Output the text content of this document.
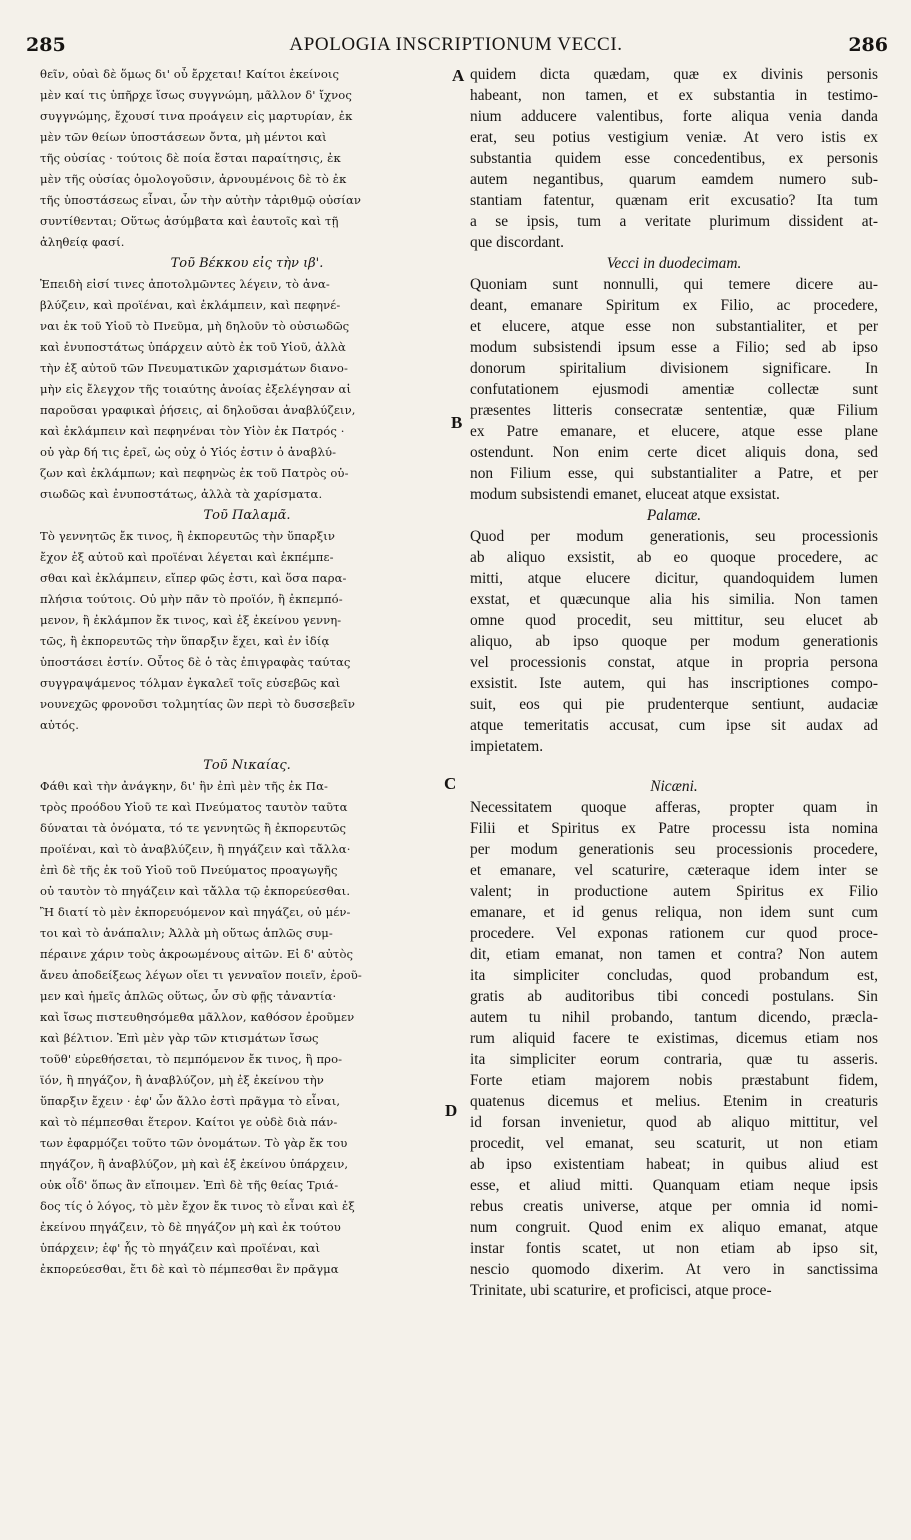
285	APOLOGIA INSCRIPTIONUM VECCI.	286
A
B
C
D
θεῖν, οὐαὶ δὲ ὅμως δι' οὗ ἔρχεται! Καίτοι ἐκείνοις
μὲν καί τις ὑπῆρχε ἴσως συγγνώμη, μᾶλλον δ' ἴχνος
συγγνώμης, ἔχουσί τινα προάγειν εἰς μαρτυρίαν, ἐκ
μὲν τῶν θείων ὑποστάσεων ὄντα, μὴ μέντοι καὶ
τῆς οὐσίας · τούτοις δὲ ποία ἔσται παραίτησις, ἐκ
μὲν τῆς οὐσίας ὁμολογοῦσιν, ἀρνουμένοις δὲ τὸ ἐκ
τῆς ὑποστάσεως εἶναι, ὧν τὴν αὐτὴν τἀριθμῷ οὐσίαν
συντίθενται; Οὕτως ἀσύμβατα καὶ ἑαυτοῖς καὶ τῇ
ἀληθείᾳ φασί.
Τοῦ Βέκκου εἰς τὴν ιβ'.
Ἐπειδὴ εἰσί τινες ἀποτολμῶντες λέγειν, τὸ ἀνα-
βλύζειν, καὶ προϊέναι, καὶ ἐκλάμπειν, καὶ πεφηνέ-
ναι ἐκ τοῦ Υἱοῦ τὸ Πνεῦμα, μὴ δηλοῦν τὸ οὐσιωδῶς
καὶ ἐνυποστάτως ὑπάρχειν αὐτὸ ἐκ τοῦ Υἱοῦ, ἀλλὰ
τὴν ἐξ αὐτοῦ τῶν Πνευματικῶν χαρισμάτων διανο-
μὴν εἰς ἔλεγχον τῆς τοιαύτης ἀνοίας ἐξελέγησαν αἱ
παροῦσαι γραφικαὶ ῥήσεις, αἱ δηλοῦσαι ἀναβλύζειν,
καὶ ἐκλάμπειν καὶ πεφηνέναι τὸν Υἱὸν ἐκ Πατρός ·
οὐ γὰρ δή τις ἐρεῖ, ὡς οὐχ ὁ Υἱός ἐστιν ὁ ἀναβλύ-
ζων καὶ ἐκλάμπων; καὶ πεφηνὼς ἐκ τοῦ Πατρὸς οὐ-
σιωδῶς καὶ ἐνυποστάτως, ἀλλὰ τὰ χαρίσματα.
Τοῦ Παλαμᾶ.
Τὸ γεννητῶς ἔκ τινος, ἢ ἐκπορευτῶς τὴν ὕπαρξιν
ἔχον ἐξ αὐτοῦ καὶ προϊέναι λέγεται καὶ ἐκπέμπε-
σθαι καὶ ἐκλάμπειν, εἴπερ φῶς ἐστι, καὶ ὅσα παρα-
πλήσια τούτοις. Οὐ μὴν πᾶν τὸ προϊόν, ἢ ἐκπεμπό-
μενον, ἢ ἐκλάμπον ἔκ τινος, καὶ ἐξ ἐκείνου γεννη-
τῶς, ἢ ἐκπορευτῶς τὴν ὕπαρξιν ἔχει, καὶ ἐν ἰδίᾳ
ὑποστάσει ἐστίν. Οὗτος δὲ ὁ τὰς ἐπιγραφὰς ταύτας
συγγραψάμενος τόλμαν ἐγκαλεῖ τοῖς εὐσεβῶς καὶ
νουνεχῶς φρονοῦσι τολμητίας ὢν περὶ τὸ δυσσεβεῖν
αὐτός.
Τοῦ Νικαίας.
Φάθι καὶ τὴν ἀνάγκην, δι' ἣν ἐπὶ μὲν τῆς ἐκ Πα-
τρὸς προόδου Υἱοῦ τε καὶ Πνεύματος ταυτὸν ταῦτα
δύναται τὰ ὀνόματα, τό τε γεννητῶς ἢ ἐκπορευτῶς
προϊέναι, καὶ τὸ ἀναβλύζειν, ἢ πηγάζειν καὶ τἄλλα·
ἐπὶ δὲ τῆς ἐκ τοῦ Υἱοῦ τοῦ Πνεύματος προαγωγῆς
οὐ ταυτὸν τὸ πηγάζειν καὶ τἄλλα τῷ ἐκπορεύεσθαι.
Ἢ διατί τὸ μὲν ἐκπορευόμενον καὶ πηγάζει, οὐ μέν-
τοι καὶ τὸ ἀνάπαλιν; Ἀλλὰ μὴ οὕτως ἁπλῶς συμ-
πέραινε χάριν τοὺς ἀκροωμένους αἰτῶν. Εἰ δ' αὐτὸς
ἄνευ ἀποδείξεως λέγων οἴει τι γενναῖον ποιεῖν, ἐροῦ-
μεν καὶ ἡμεῖς ἁπλῶς οὕτως, ὧν σὺ φῇς τἀναντία·
καὶ ἴσως πιστευθησόμεθα μᾶλλον, καθόσον ἐροῦμεν
καὶ βέλτιον. Ἐπὶ μὲν γὰρ τῶν κτισμάτων ἴσως
τοῦθ' εὑρεθήσεται, τὸ πεμπόμενον ἔκ τινος, ἢ προ-
ϊόν, ἢ πηγάζον, ἢ ἀναβλύζον, μὴ ἐξ ἐκείνου τὴν
ὕπαρξιν ἔχειν · ἐφ' ὧν ἄλλο ἐστὶ πρᾶγμα τὸ εἶναι,
καὶ τὸ πέμπεσθαι ἕτερον. Καίτοι γε οὐδὲ διὰ πάν-
των ἐφαρμόζει τοῦτο τῶν ὀνομάτων. Τὸ γὰρ ἔκ του
πηγάζον, ἢ ἀναβλύζον, μὴ καὶ ἐξ ἐκείνου ὑπάρχειν,
οὐκ οἶδ' ὅπως ἂν εἴποιμεν. Ἐπὶ δὲ τῆς θείας Τριά-
δος τίς ὁ λόγος, τὸ μὲν ἔχον ἔκ τινος τὸ εἶναι καὶ ἐξ
ἐκείνου πηγάζειν, τὸ δὲ πηγάζον μὴ καὶ ἐκ τούτου
ὑπάρχειν; ἐφ' ἧς τὸ πηγάζειν καὶ προϊέναι, καὶ
ἐκπορεύεσθαι, ἔτι δὲ καὶ τὸ πέμπεσθαι ἓν πρᾶγμα
quidem dicta quædam, quæ ex divinis personis
habeant, non tamen, et ex substantia in testimo-
nium adducere valentibus, forte aliqua venia danda
erat, seu potius vestigium veniæ. At vero istis ex
substantia quidem esse concedentibus, ex personis
autem negantibus, quarum eamdem numero sub-
stantiam fatentur, quænam erit excusatio? Ita tum
a se ipsis, tum a veritate plurimum dissident at-
que discordant.
Vecci in duodecimam.
Quoniam sunt nonnulli, qui temere dicere au-
deant, emanare Spiritum ex Filio, ac procedere,
et elucere, atque esse non substantialiter, et per
modum subsistendi ipsum esse a Filio; sed ab ipso
donorum spiritalium divisionem significare. In
confutationem ejusmodi amentiæ collectæ sunt
præsentes litteris consecratæ sententiæ, quæ Filium
ex Patre emanare, et elucere, atque esse plane
ostendunt. Non enim certe dicet aliquis dona, sed
non Filium esse, qui substantialiter a Patre, et per
modum subsistendi emanet, eluceat atque exsistat.
Palamæ.
Quod per modum generationis, seu processionis
ab aliquo exsistit, ab eo quoque procedere, ac
mitti, atque elucere dicitur, quandoquidem lumen
exstat, et quæcunque alia his similia. Non tamen
omne quod procedit, seu mittitur, seu elucet ab
aliquo, ab ipso quoque per modum generationis
vel processionis constat, atque in propria persona
exsistit. Iste autem, qui has inscriptiones compo-
suit, eos qui pie prudenterque sentiunt, audaciæ
atque temeritatis accusat, cum ipse sit audax ad
impietatem.
Nicæni.
Necessitatem quoque afferas, propter quam in
Filii et Spiritus ex Patre processu ista nomina
per modum generationis seu processionis procedere,
et emanare, vel scaturire, cæteraque idem inter se
valent; in productione autem Spiritus ex Filio
emanare, et id genus reliqua, non idem sunt cum
procedere. Vel exponas rationem cur quod proce-
dit, etiam emanat, non tamen et contra? Non autem
ita simpliciter concludas, quod probandum est,
gratis ab auditoribus tibi concedi postulans. Sin
autem tu nihil probando, tantum dicendo, præcla-
rum aliquid facere te existimas, dicemus etiam nos
ita simpliciter eorum contraria, quæ tu asseris.
Forte etiam majorem nobis præstabunt fidem,
quatenus dicemus et melius. Etenim in creaturis
id forsan invenietur, quod ab aliquo mittitur, vel
procedit, vel emanat, seu scaturit, ut non etiam
ab ipso existentiam habeat; in quibus aliud est
esse, et aliud mitti. Quanquam etiam neque ipsis
rebus creatis universe, atque per omnia id nomi-
num congruit. Quod enim ex aliquo emanat, atque
instar fontis scatet, ut non etiam ab ipso sit,
nescio quomodo dixerim. At vero in sanctissima
Trinitate, ubi scaturire, et proficisci, atque proce-
